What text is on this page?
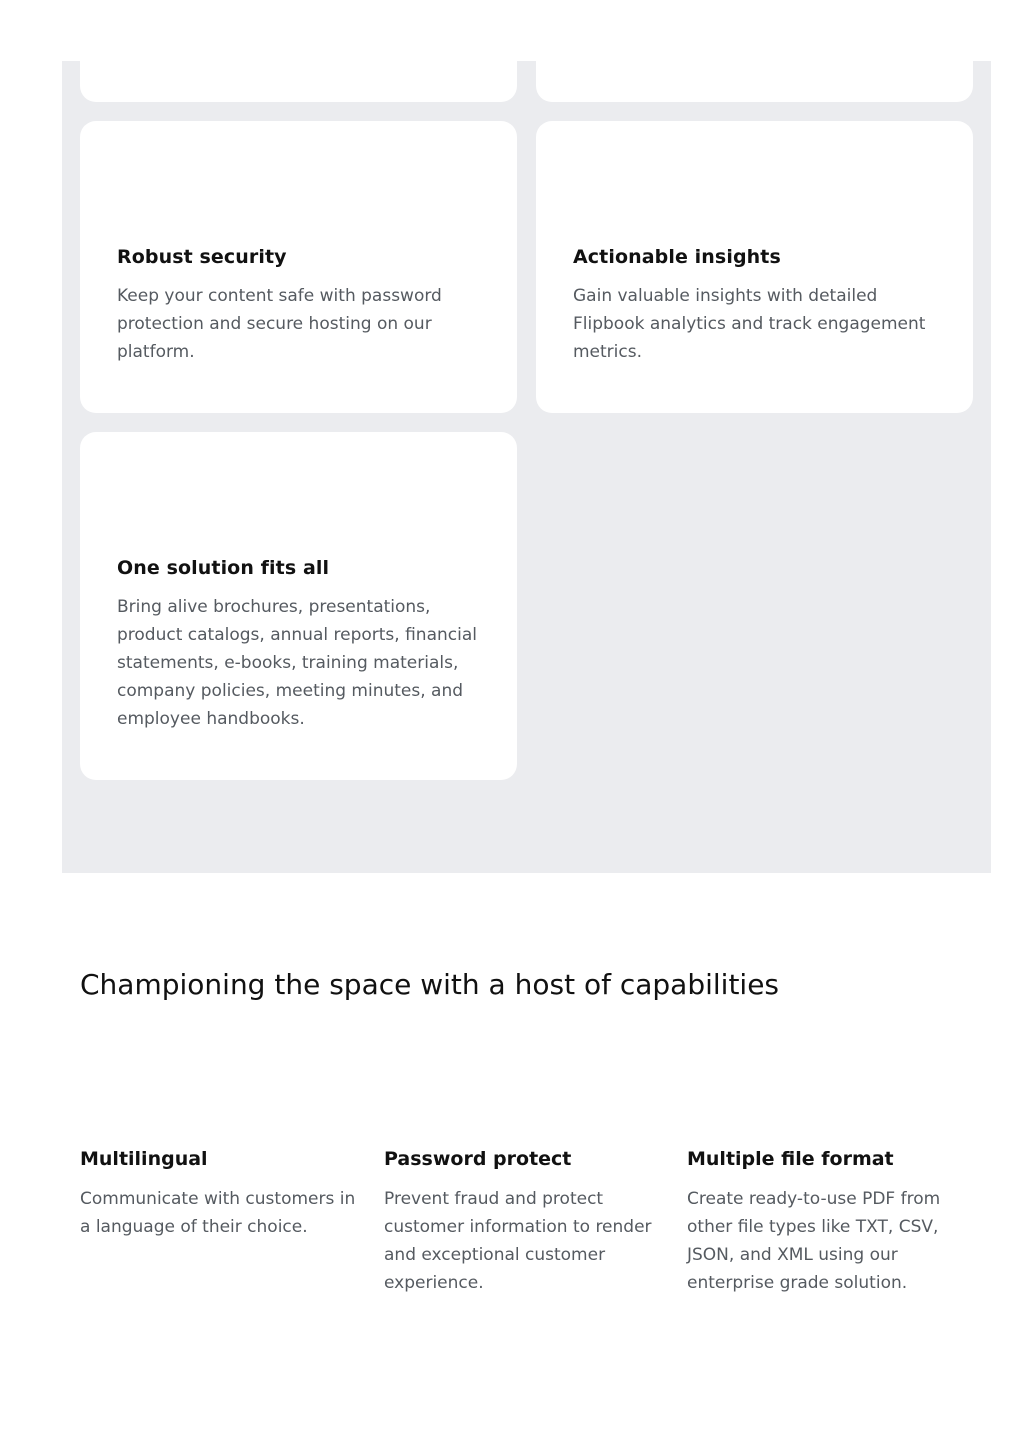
Robust security

Keep your content safe with password protection and secure hosting on our platform.

Actionable insights

Gain valuable insights with detailed Flipbook analytics and track engagement metrics.

One solution fits all

Bring alive brochures, presentations, product catalogs, annual reports, financial statements, e-books, training materials, company policies, meeting minutes, and employee handbooks.

Championing the space with a host of capabilities
Multilingual

Communicate with customers in a language of their choice.

Password protect

Prevent fraud and protect customer information to render and exceptional customer experience.

Multiple file format

Create ready-to-use PDF from other file types like TXT, CSV, JSON, and XML using our enterprise grade solution.
